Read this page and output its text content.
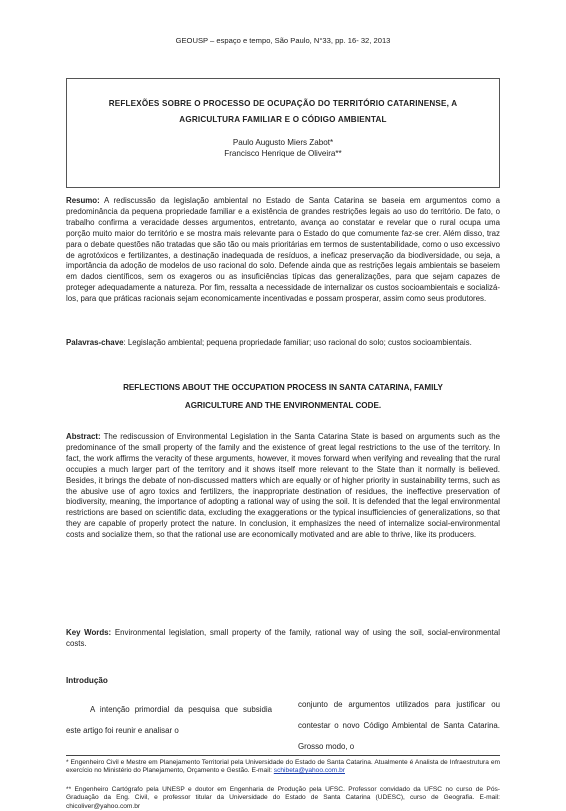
GEOUSP – espaço e tempo, São Paulo, N°33, pp. 16- 32, 2013
REFLEXÕES SOBRE O PROCESSO DE OCUPAÇÃO DO TERRITÓRIO CATARINENSE, A
AGRICULTURA FAMILIAR E O CÓDIGO AMBIENTAL
Paulo Augusto Miers Zabot*
Francisco Henrique de Oliveira**
Resumo: A rediscussão da legislação ambiental no Estado de Santa Catarina se baseia em argumentos como a predominância da pequena propriedade familiar e a existência de grandes restrições legais ao uso do território. De fato, o trabalho confirma a veracidade desses argumentos, entretanto, avança ao constatar e revelar que o rural ocupa uma porção muito maior do território e se mostra mais relevante para o Estado do que comumente faz-se crer. Além disso, traz para o debate questões não tratadas que são tão ou mais prioritárias em termos de sustentabilidade, como o uso excessivo de agrotóxicos e fertilizantes, a destinação inadequada de resíduos, a ineficaz preservação da biodiversidade, ou seja, a importância da adoção de modelos de uso racional do solo. Defende ainda que as restrições legais ambientais se baseiem em dados científicos, sem os exageros ou as insuficiências típicas das generalizações, para que sejam capazes de proteger adequadamente a natureza. Por fim, ressalta a necessidade de internalizar os custos socioambientais e socializá-los, para que práticas racionais sejam economicamente incentivadas e possam prosperar, assim como seus produtores.
Palavras-chave: Legislação ambiental; pequena propriedade familiar; uso racional do solo; custos socioambientais.
REFLECTIONS ABOUT THE OCCUPATION PROCESS IN SANTA CATARINA, FAMILY
AGRICULTURE AND THE ENVIRONMENTAL CODE.
Abstract: The rediscussion of Environmental Legislation in the Santa Catarina State is based on arguments such as the predominance of the small property of the family and the existence of great legal restrictions to the use of the territory. In fact, the work affirms the veracity of these arguments, however, it moves forward when verifying and revealing that the rural occupies a much larger part of the territory and it shows itself more relevant to the State than it normally is believed. Besides, it brings the debate of non-discussed matters which are equally or of higher priority in sustainability terms, such as the abusive use of agro toxics and fertilizers, the inappropriate destination of residues, the ineffective preservation of biodiversity, meaning, the importance of adopting a rational way of using the soil. It is defended that the legal environmental restrictions are based on scientific data, excluding the exaggerations or the typical insufficiencies of generalizations, so that they are capable of properly protect the nature. In conclusion, it emphasizes the need of internalize social-environmental costs and socialize them, so that the rational use are economically motivated and are able to thrive, like its producers.
Key Words: Environmental legislation, small property of the family, rational way of using the soil, social-environmental costs.
Introdução
A intenção primordial da pesquisa que subsidia este artigo foi reunir e analisar o
conjunto de argumentos utilizados para justificar ou contestar o novo Código Ambiental de Santa Catarina. Grosso modo, o
* Engenheiro Civil e Mestre em Planejamento Territorial pela Universidade do Estado de Santa Catarina. Atualmente é Analista de Infraestrutura em exercício no Ministério do Planejamento, Orçamento e Gestão. E-mail: schibeta@yahoo.com.br
** Engenheiro Cartógrafo pela UNESP e doutor em Engenharia de Produção pela UFSC. Professor convidado da UFSC no curso de Pós-Graduação da Eng. Civil, e professor titular da Universidade do Estado de Santa Catarina (UDESC), curso de Geografia. E-mail: chicoliver@yahoo.com.br
